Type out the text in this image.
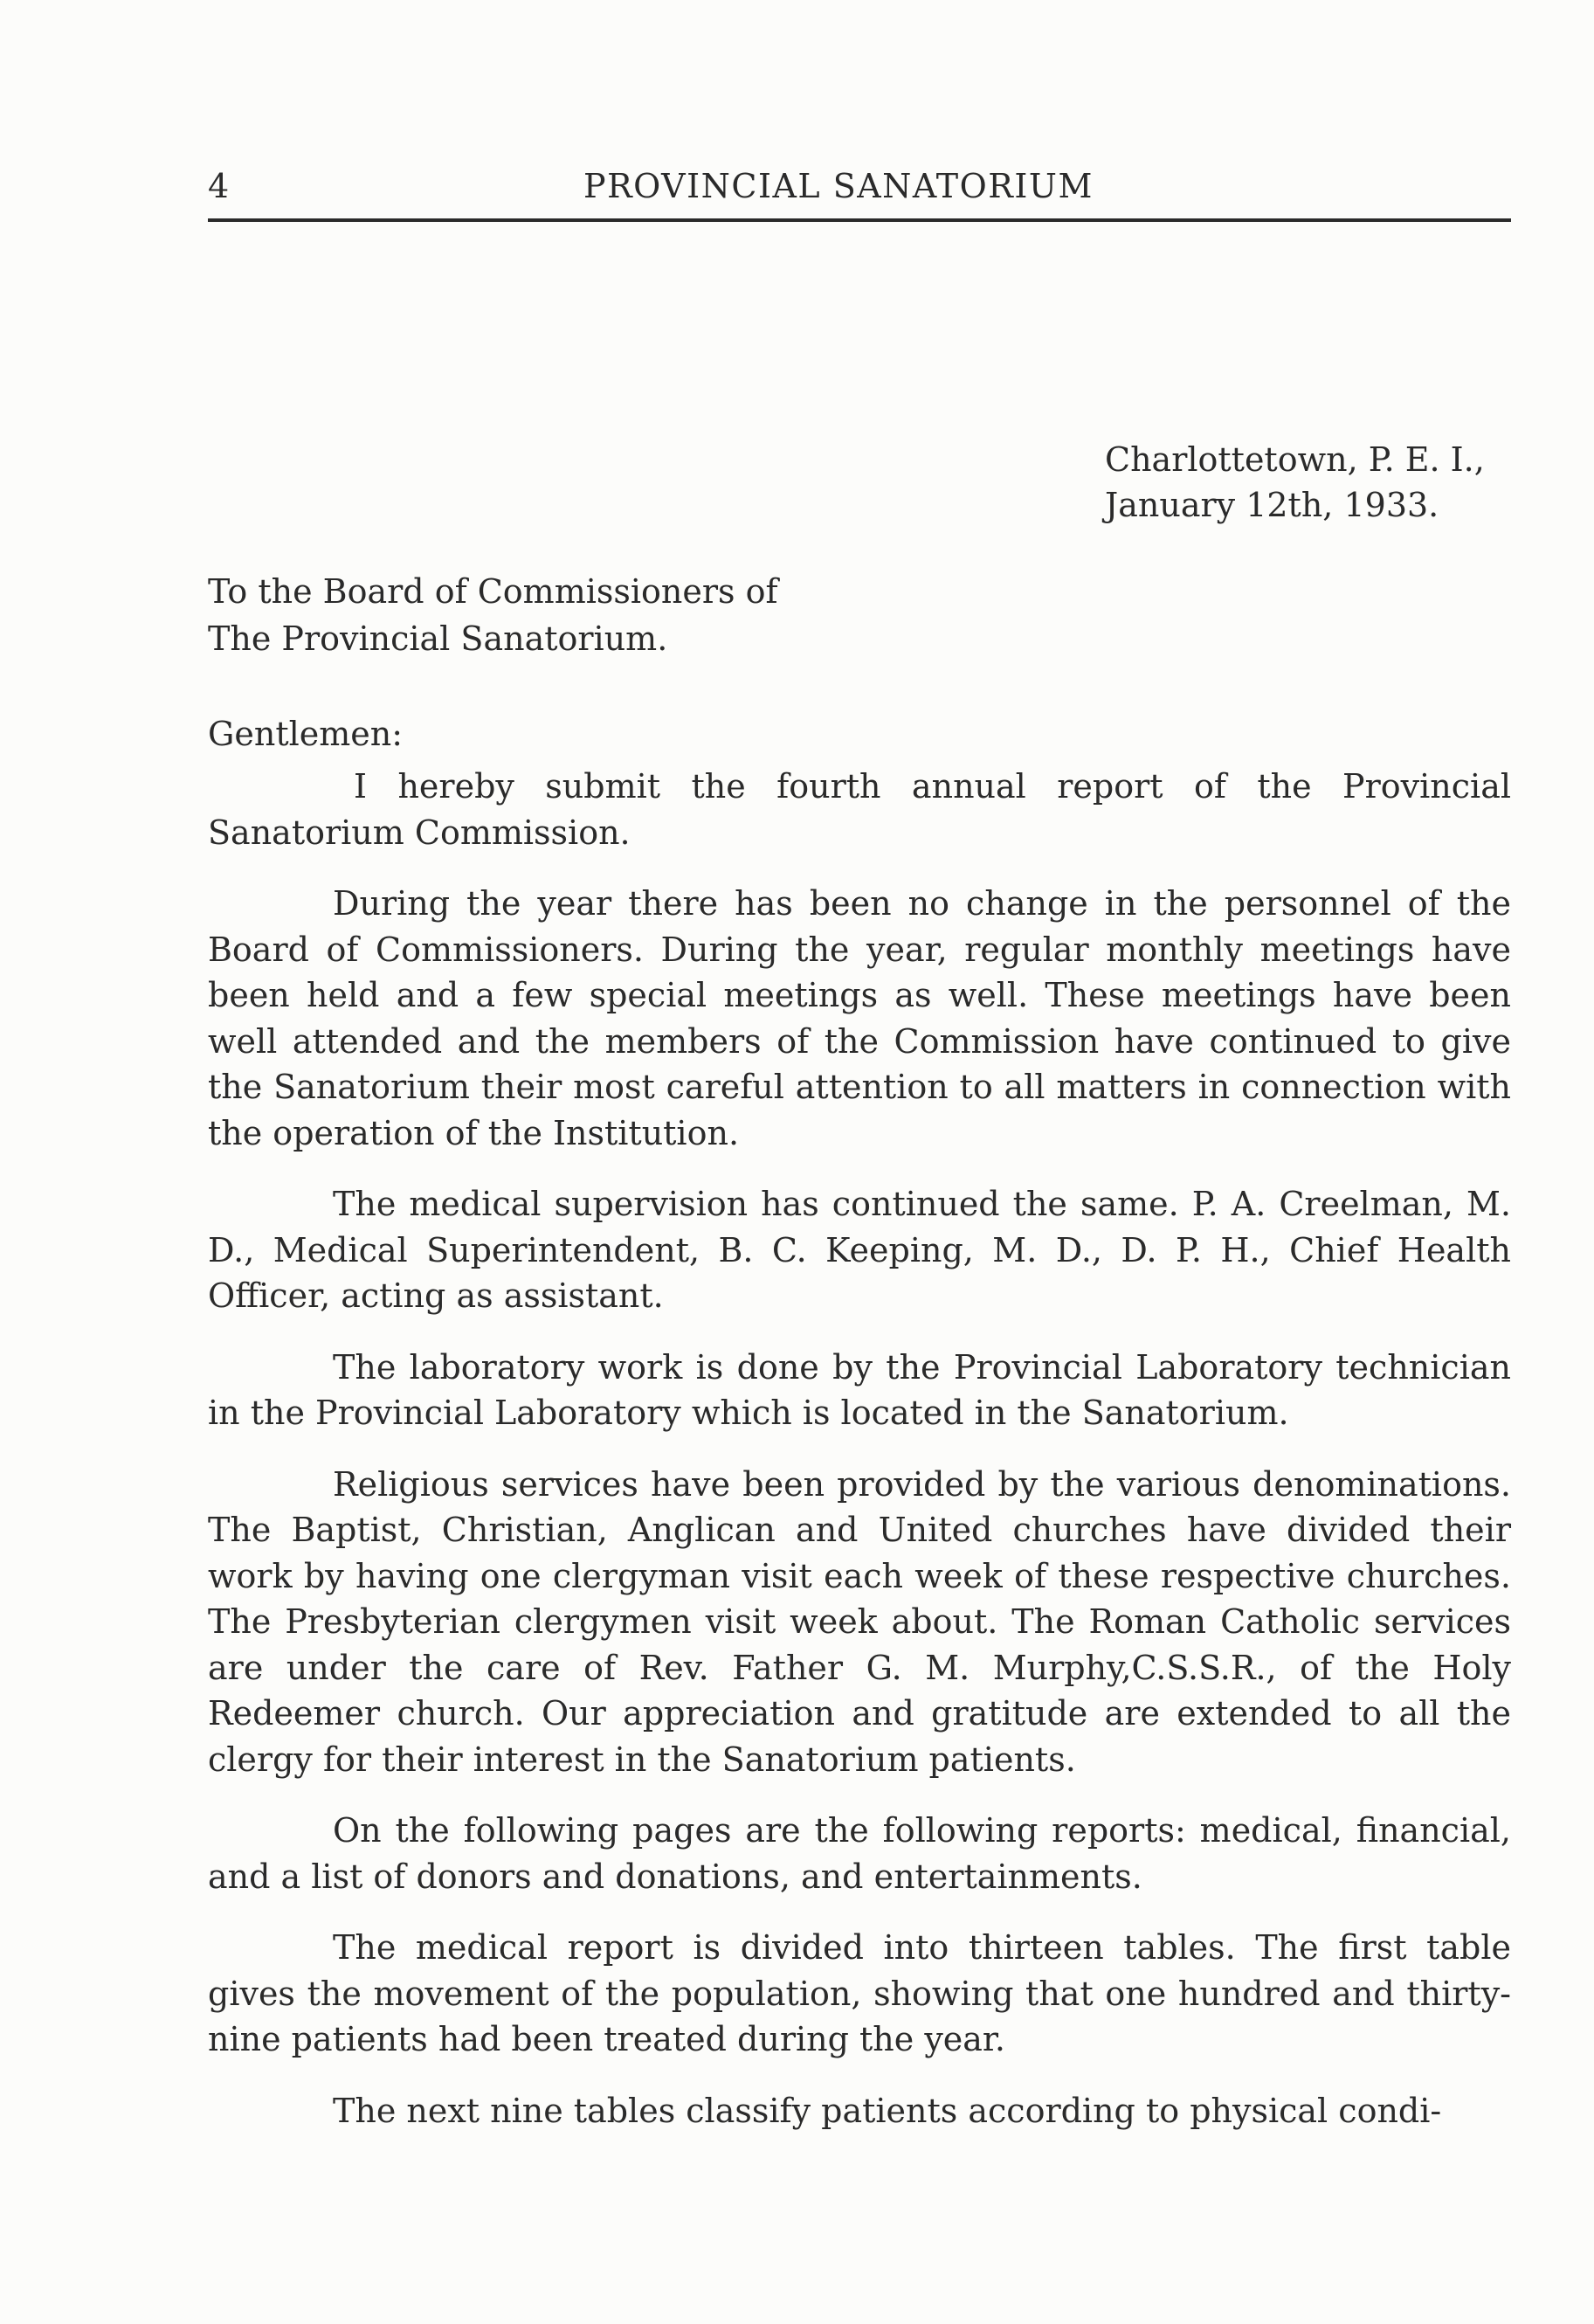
4	PROVINCIAL SANATORIUM
Charlottetown, P. E. I.,
January 12th, 1933.
To the Board of Commissioners of
The Provincial Sanatorium.
Gentlemen:

I hereby submit the fourth annual report of the Provincial Sanatorium Commission.

During the year there has been no change in the personnel of the Board of Commissioners. During the year, regular monthly meetings have been held and a few special meetings as well. These meetings have been well attended and the members of the Commission have continued to give the Sanatorium their most careful attention to all matters in connection with the operation of the Institution.

The medical supervision has continued the same. P. A. Creelman, M. D., Medical Superintendent, B. C. Keeping, M. D., D. P. H., Chief Health Officer, acting as assistant.

The laboratory work is done by the Provincial Laboratory technician in the Provincial Laboratory which is located in the Sanatorium.

Religious services have been provided by the various denominations. The Baptist, Christian, Anglican and United churches have divided their work by having one clergyman visit each week of these respective churches. The Presbyterian clergymen visit week about. The Roman Catholic services are under the care of Rev. Father G. M. Murphy,C.S.S.R., of the Holy Redeemer church. Our appreciation and gratitude are extended to all the clergy for their interest in the Sanatorium patients.

On the following pages are the following reports: medical, financial, and a list of donors and donations, and entertainments.

The medical report is divided into thirteen tables. The first table gives the movement of the population, showing that one hundred and thirty-nine patients had been treated during the year.

The next nine tables classify patients according to physical condi-
